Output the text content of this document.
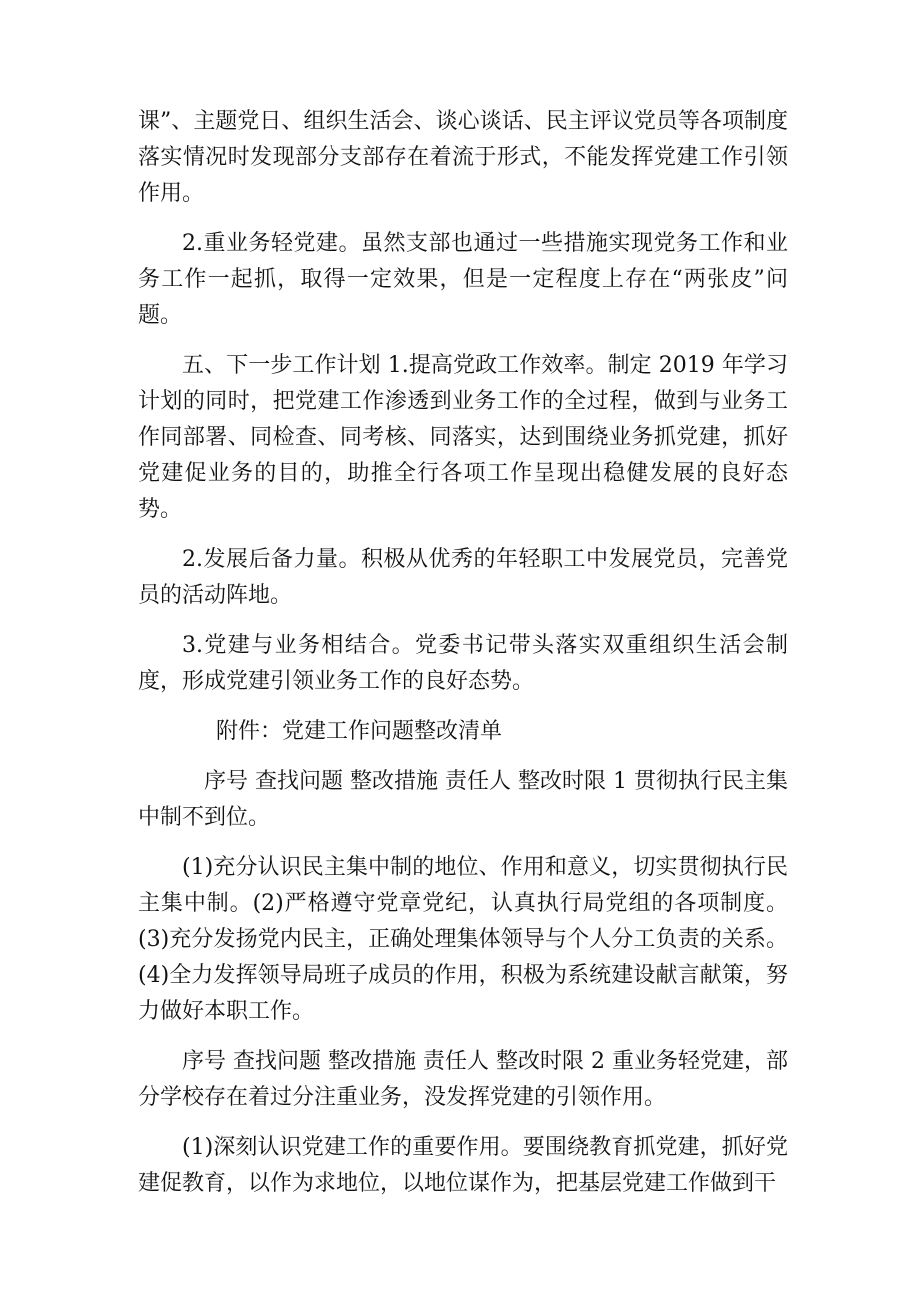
课”、主题党日、组织生活会、谈心谈话、民主评议党员等各项制度落实情况时发现部分支部存在着流于形式，不能发挥党建工作引领作用。

2.重业务轻党建。虽然支部也通过一些措施实现党务工作和业务工作一起抓，取得一定效果，但是一定程度上存在“两张皮”问题。

五、下一步工作计划 1.提高党政工作效率。制定 2019 年学习计划的同时，把党建工作渗透到业务工作的全过程，做到与业务工作同部署、同检查、同考核、同落实，达到围绕业务抓党建，抓好党建促业务的目的，助推全行各项工作呈现出稳健发展的良好态势。

2.发展后备力量。积极从优秀的年轻职工中发展党员，完善党员的活动阵地。

3.党建与业务相结合。党委书记带头落实双重组织生活会制度，形成党建引领业务工作的良好态势。

附件：党建工作问题整改清单

序号 查找问题 整改措施 责任人 整改时限 1 贯彻执行民主集中制不到位。

(1)充分认识民主集中制的地位、作用和意义，切实贯彻执行民主集中制。(2)严格遵守党章党纪，认真执行局党组的各项制度。(3)充分发扬党内民主，正确处理集体领导与个人分工负责的关系。(4)全力发挥领导局班子成员的作用，积极为系统建设献言献策，努力做好本职工作。

序号 查找问题 整改措施 责任人 整改时限 2 重业务轻党建，部分学校存在着过分注重业务，没发挥党建的引领作用。

(1)深刻认识党建工作的重要作用。要围绕教育抓党建，抓好党建促教育，以作为求地位，以地位谋作为，把基层党建工作做到干
